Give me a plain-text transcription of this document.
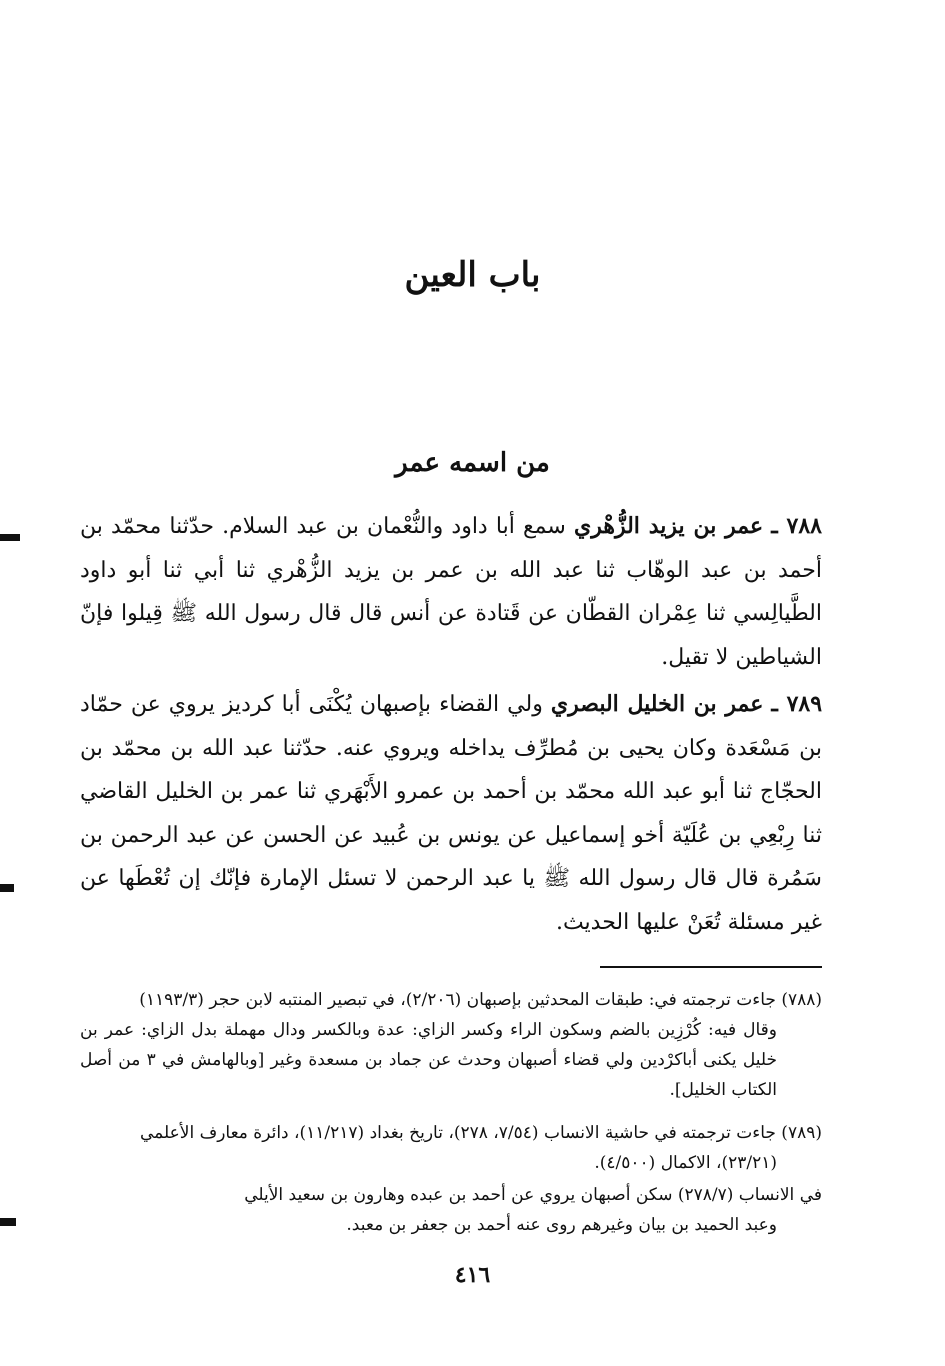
باب العين
من اسمه عمر
٧٨٨ ـ عمر بن يزيد الزُّهْري سمع أبا داود والنُّعْمان بن عبد السلام. حدّثنا محمّد بن أحمد بن عبد الوهّاب ثنا عبد الله بن عمر بن يزيد الزُّهْري ثنا أبي ثنا أبو داود الطَّيالِسي ثنا عِمْران القطّان عن قَتادة عن أنس قال قال رسول الله ﷺ قِيلوا فإنّ الشياطين لا تقيل.
٧٨٩ ـ عمر بن الخليل البصري ولي القضاء بإصبهان يُكْنَى أبا كرديز يروي عن حمّاد بن مَسْعَدة وكان يحيى بن مُطرِّف يداخله ويروي عنه. حدّثنا عبد الله بن محمّد بن الحجّاج ثنا أبو عبد الله محمّد بن أحمد بن عمرو الأَبْهَري ثنا عمر بن الخليل القاضي ثنا رِبْعِي بن عُلَيّة أخو إسماعيل عن يونس بن عُبيد عن الحسن عن عبد الرحمن بن سَمُرة قال قال رسول الله ﷺ يا عبد الرحمن لا تسئل الإمارة فإنّك إن تُعْطَها عن غير مسئلة تُعَنْ عليها الحديث.
(٧٨٨) جاءت ترجمته في: طبقات المحدثين بإصبهان (٢/٢٠٦)، في تبصير المنتبه لابن حجر (١١٩٣/٣)
وقال فيه: كُرْزِين بالضم وسكون الراء وكسر الزاي: عدة وبالكسر ودال مهملة بدل الزاي: عمر بن خليل يكنى أباكرْدين ولي قضاء أصبهان وحدث عن جماد بن مسعدة وغير [وبالهامش في ٣ من أصل الكتاب الخليل].
(٧٨٩) جاءت ترجمته في حاشية الانساب (٧/٥٤، ٢٧٨)، تاريخ بغداد (١١/٢١٧)، دائرة معارف الأعلمي
(٢٣/٢١)، الاكمال (٤/٥٠٠).
في الانساب (٢٧٨/٧) سكن أصبهان يروي عن أحمد بن عبده وهارون بن سعيد الأيلي
وعبد الحميد بن بيان وغيرهم روى عنه أحمد بن جعفر بن معبد.
٤١٦
